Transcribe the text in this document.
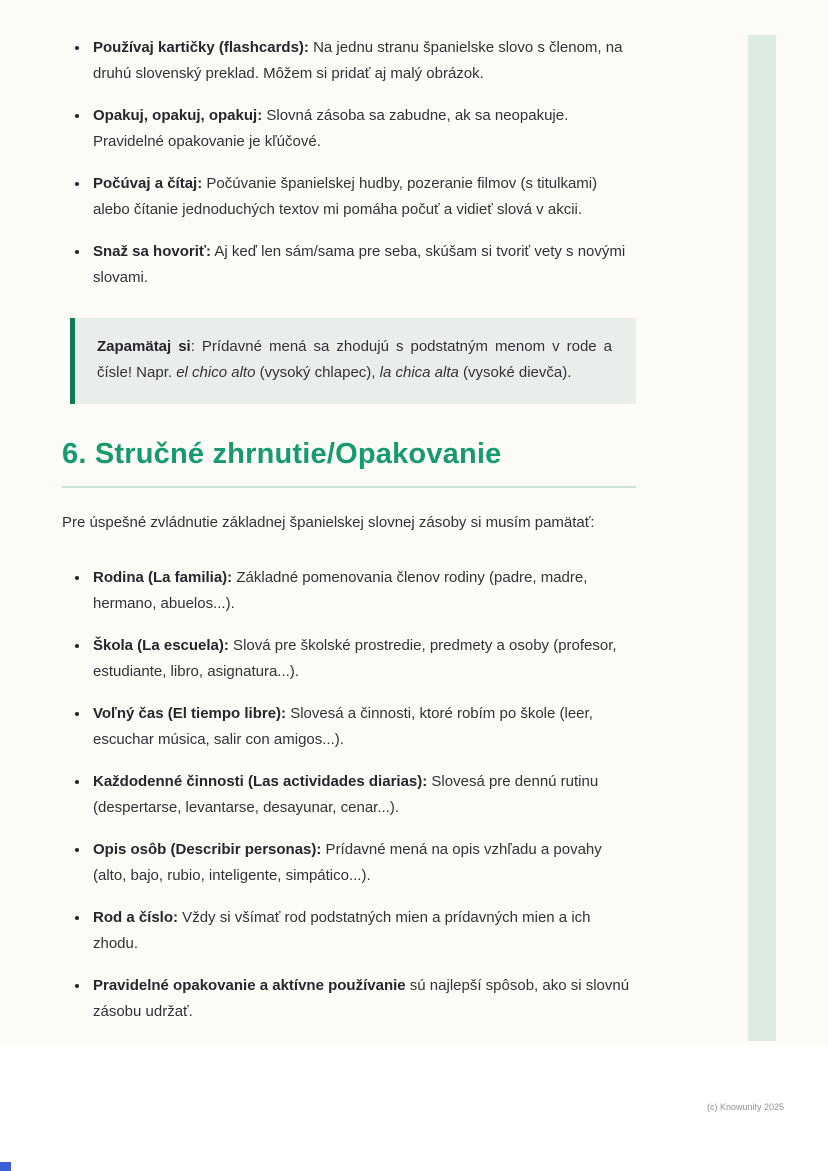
• Používaj kartičky (flashcards): Na jednu stranu španielske slovo s členom, na druhú slovenský preklad. Môžem si pridať aj malý obrázok.
• Opakuj, opakuj, opakuj: Slovná zásoba sa zabudne, ak sa neopakuje. Pravidelné opakovanie je kľúčové.
• Počúvaj a čítaj: Počúvanie španielskej hudby, pozeranie filmov (s titulkami) alebo čítanie jednoduchých textov mi pomáha počuť a vidieť slová v akcii.
• Snaž sa hovoriť: Aj keď len sám/sama pre seba, skúšam si tvoriť vety s novými slovami.
Zapamätaj si: Prídavné mená sa zhodujú s podstatným menom v rode a čísle! Napr. el chico alto (vysoký chlapec), la chica alta (vysoké dievča).
6. Stručné zhrnutie/Opakovanie

Pre úspešné zvládnutie základnej španielskej slovnej zásoby si musím pamätať:

• Rodina (La familia): Základné pomenovania členov rodiny (padre, madre, hermano, abuelos...).
• Škola (La escuela): Slová pre školské prostredie, predmety a osoby (profesor, estudiante, libro, asignatura...).
• Voľný čas (El tiempo libre): Slovesá a činnosti, ktoré robím po škole (leer, escuchar música, salir con amigos...).
• Každodenné činnosti (Las actividades diarias): Slovesá pre dennú rutinu (despertarse, levantarse, desayunar, cenar...).
• Opis osôb (Describir personas): Prídavné mená na opis vzhľadu a povahy (alto, bajo, rubio, inteligente, simpático...).
• Rod a číslo: Vždy si všímať rod podstatných mien a prídavných mien a ich zhodu.
• Pravidelné opakovanie a aktívne používanie sú najlepší spôsob, ako si slovnú zásobu udržať.
(c) Knowunity 2025
